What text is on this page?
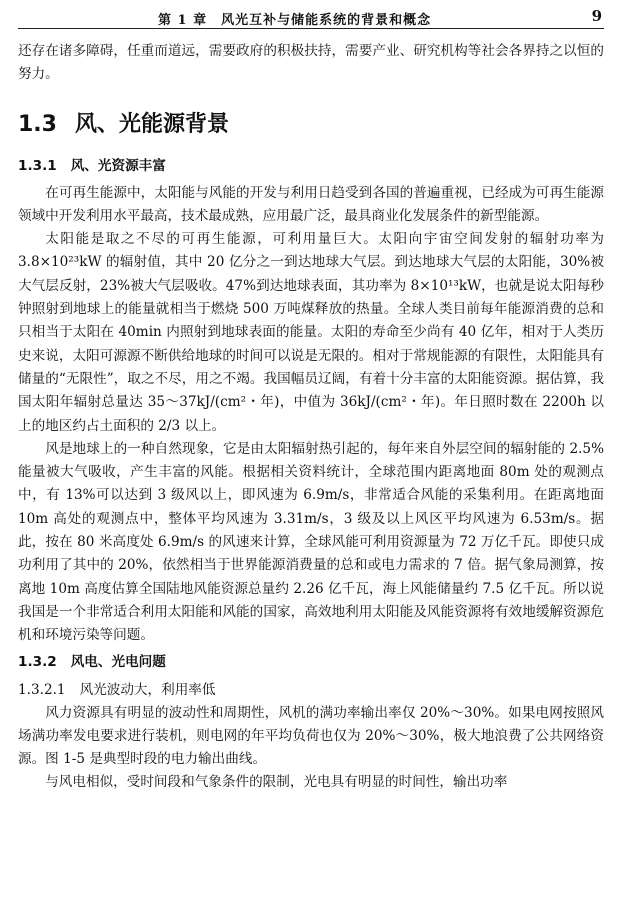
第 1 章　风光互补与储能系统的背景和概念	9

还存在诸多障碍，任重而道远，需要政府的积极扶持，需要产业、研究机构等社会各界持之以恒的努力。

1.3 风、光能源背景
1.3.1 风、光资源丰富

在可再生能源中，太阳能与风能的开发与利用日趋受到各国的普遍重视，已经成为可再生能源领域中开发利用水平最高，技术最成熟，应用最广泛，最具商业化发展条件的新型能源。

太阳能是取之不尽的可再生能源，可利用量巨大。太阳向宇宙空间发射的辐射功率为 3.8×10²³kW 的辐射值，其中 20 亿分之一到达地球大气层。到达地球大气层的太阳能，30%被大气层反射，23%被大气层吸收。47%到达地球表面，其功率为 8×10¹³kW，也就是说太阳每秒钟照射到地球上的能量就相当于燃烧 500 万吨煤释放的热量。全球人类目前每年能源消费的总和只相当于太阳在 40min 内照射到地球表面的能量。太阳的寿命至少尚有 40 亿年，相对于人类历史来说，太阳可源源不断供给地球的时间可以说是无限的。相对于常规能源的有限性，太阳能具有储量的“无限性”，取之不尽，用之不竭。我国幅员辽阔，有着十分丰富的太阳能资源。据估算，我国太阳年辐射总量达 35～37kJ/(cm²・年)，中值为 36kJ/(cm²・年)。年日照时数在 2200h 以上的地区约占土面积的 2/3 以上。

风是地球上的一种自然现象，它是由太阳辐射热引起的，每年来自外层空间的辐射能的 2.5%能量被大气吸收，产生丰富的风能。根据相关资料统计，全球范围内距离地面 80m 处的观测点中，有 13%可以达到 3 级风以上，即风速为 6.9m/s，非常适合风能的采集利用。在距离地面 10m 高处的观测点中，整体平均风速为 3.31m/s，3 级及以上风区平均风速为 6.53m/s。据此，按在 80 米高度处 6.9m/s 的风速来计算，全球风能可利用资源量为 72 万亿千瓦。即使只成功利用了其中的 20%，依然相当于世界能源消费量的总和或电力需求的 7 倍。据气象局测算，按离地 10m 高度估算全国陆地风能资源总量约 2.26 亿千瓦，海上风能储量约 7.5 亿千瓦。所以说我国是一个非常适合利用太阳能和风能的国家，高效地利用太阳能及风能资源将有效地缓解资源危机和环境污染等问题。

1.3.2 风电、光电问题
1.3.2.1 风光波动大，利用率低

风力资源具有明显的波动性和周期性，风机的满功率输出率仅 20%～30%。如果电网按照风场满功率发电要求进行装机，则电网的年平均负荷也仅为 20%～30%，极大地浪费了公共网络资源。图 1-5 是典型时段的电力输出曲线。

与风电相似，受时间段和气象条件的限制，光电具有明显的时间性，输出功率
